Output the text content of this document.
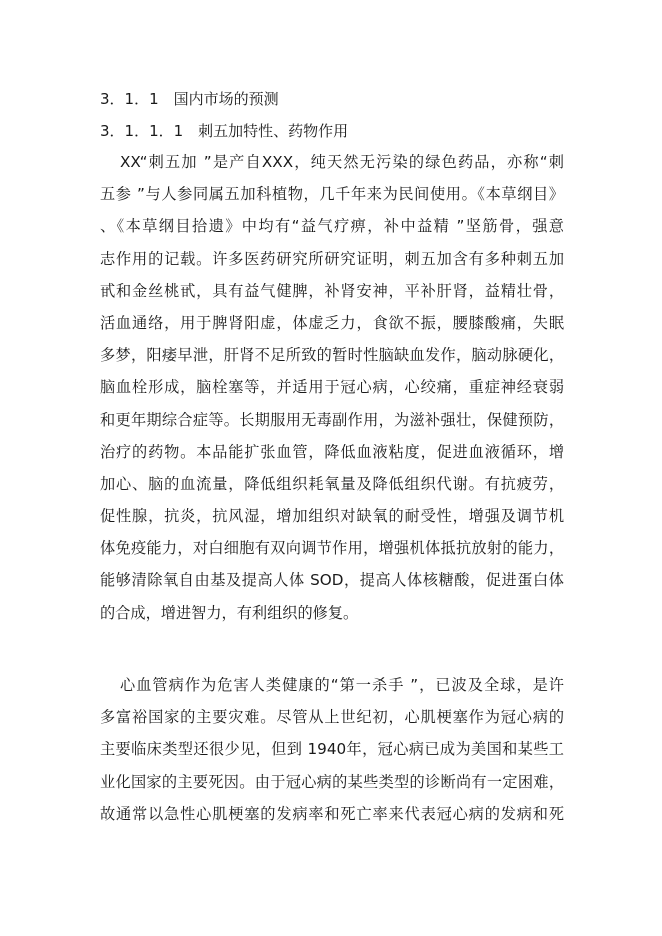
3．1．1　国内市场的预测
3．1．1．1　刺五加特性、药物作用
XX“刺五加 ”是产自XXX，纯天然无污染的绿色药品，亦称“刺
五参 ”与人参同属五加科植物，几千年来为民间使用。《本草纲目》
、《本草纲目拾遗》中均有“益气疗痹，补中益精 ”坚筋骨，强意
志作用的记载。许多医药研究所研究证明，刺五加含有多种刺五加
甙和金丝桃甙，具有益气健脾，补肾安神，平补肝肾，益精壮骨，
活血通络，用于脾肾阳虚，体虚乏力，食欲不振，腰膝酸痛，失眠
多梦，阳痿早泄，肝肾不足所致的暂时性脑缺血发作，脑动脉硬化，
脑血栓形成，脑栓塞等，并适用于冠心病，心绞痛，重症神经衰弱
和更年期综合症等。长期服用无毒副作用，为滋补强壮，保健预防，
治疗的药物。本品能扩张血管，降低血液粘度，促进血液循环，增
加心、脑的血流量，降低组织耗氧量及降低组织代谢。有抗疲劳，
促性腺，抗炎，抗风湿，增加组织对缺氧的耐受性，增强及调节机
体免疫能力，对白细胞有双向调节作用，增强机体抵抗放射的能力，
能够清除氧自由基及提高人体 SOD，提高人体核糖酸，促进蛋白体
的合成，增进智力，有利组织的修复。
心血管病作为危害人类健康的“第一杀手 ”，已波及全球，是许
多富裕国家的主要灾难。尽管从上世纪初，心肌梗塞作为冠心病的
主要临床类型还很少见，但到 1940年，冠心病已成为美国和某些工
业化国家的主要死因。由于冠心病的某些类型的诊断尚有一定困难，
故通常以急性心肌梗塞的发病率和死亡率来代表冠心病的发病和死
